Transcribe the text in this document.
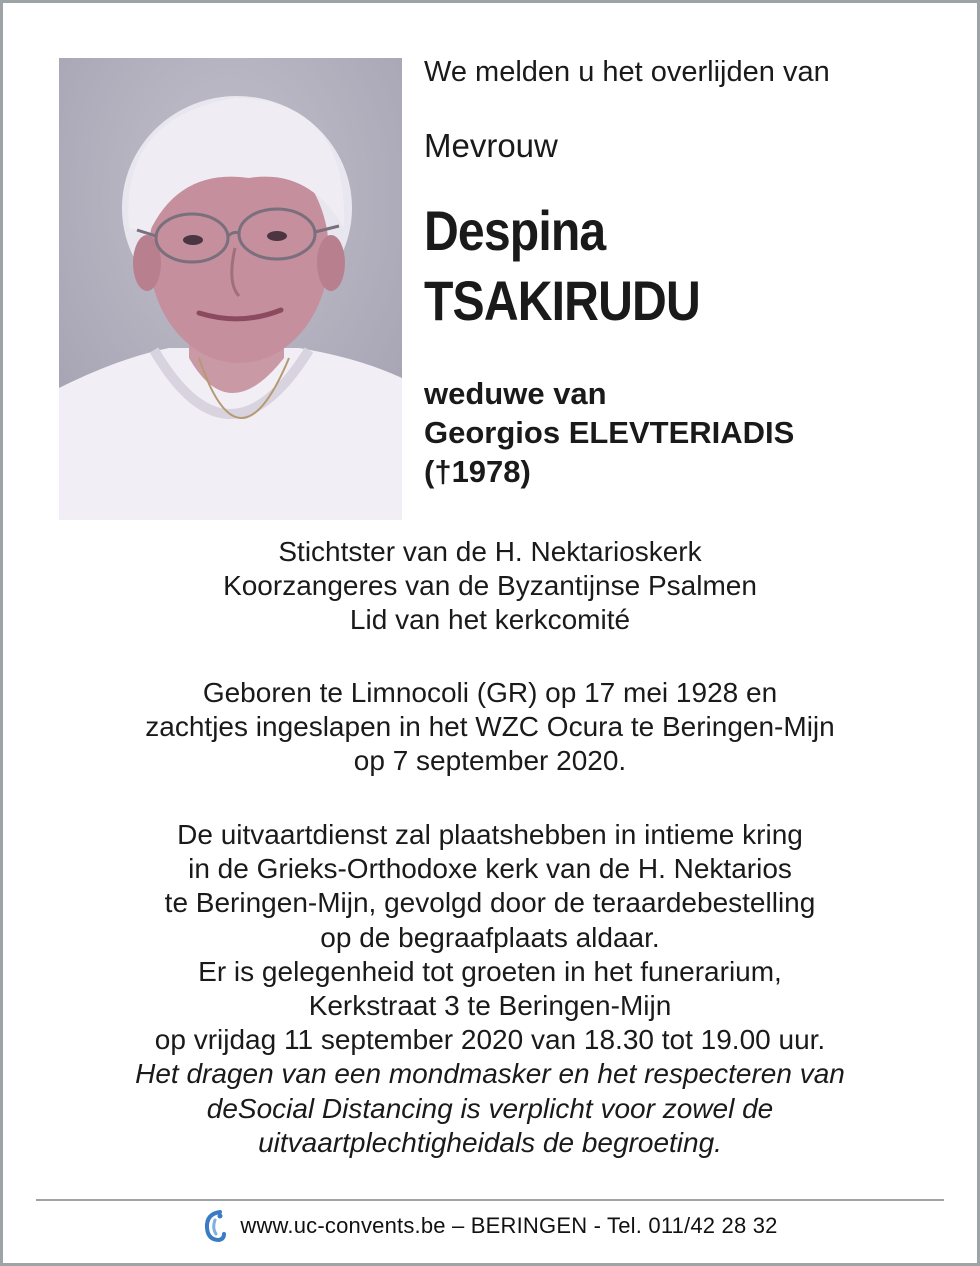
We melden u het overlijden van
Mevrouw
Despina
TSAKIRUDU
weduwe van
Georgios ELEVTERIADIS
(†1978)
Stichtster van de H. Nektarioskerk
Koorzangeres van de Byzantijnse Psalmen
Lid van het kerkcomité
Geboren te Limnocoli (GR) op 17 mei 1928 en
zachtjes ingeslapen in het WZC Ocura te Beringen-Mijn
op 7 september 2020.
De uitvaartdienst zal plaatshebben in intieme kring
in de Grieks-Orthodoxe kerk van de H. Nektarios
te Beringen-Mijn, gevolgd door de teraardebestelling
op de begraafplaats aldaar.
Er is gelegenheid tot groeten in het funerarium,
Kerkstraat 3 te Beringen-Mijn
op vrijdag 11 september 2020 van 18.30 tot 19.00 uur.
Het dragen van een mondmasker en het respecteren van
deSocial Distancing is verplicht voor zowel de
uitvaartplechtigheidals de begroeting.
www.uc-convents.be – BERINGEN - Tel. 011/42 28 32
